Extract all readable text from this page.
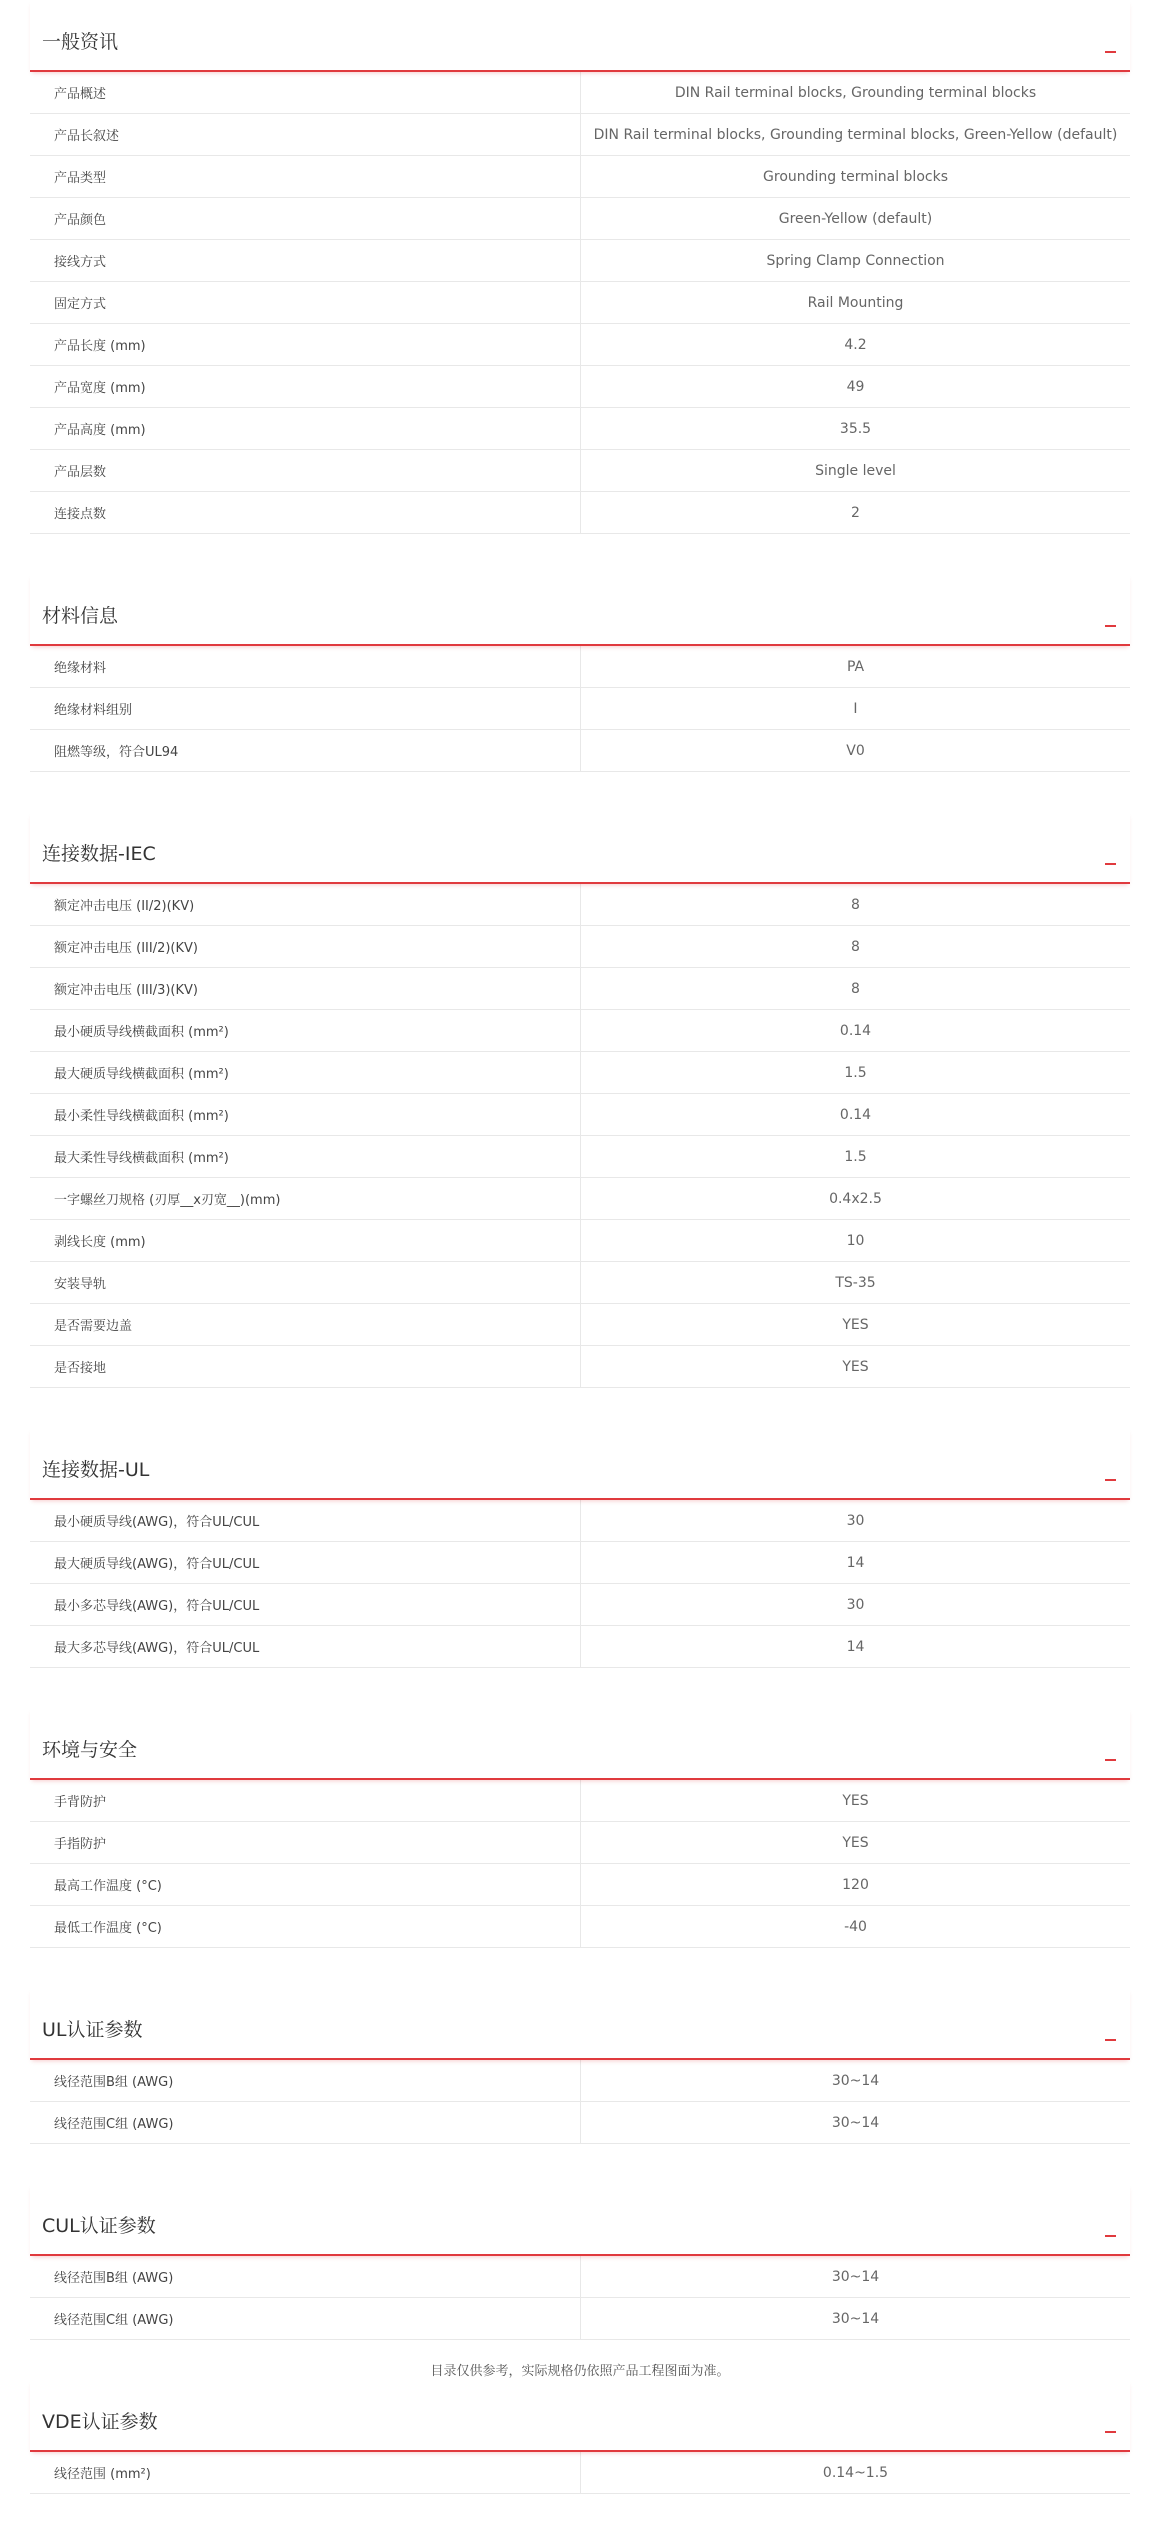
一般资讯
产品概述	DIN Rail terminal blocks, Grounding terminal blocks
产品长叙述	DIN Rail terminal blocks, Grounding terminal blocks, Green-Yellow (default)
产品类型	Grounding terminal blocks
产品颜色	Green-Yellow (default)
接线方式	Spring Clamp Connection
固定方式	Rail Mounting
产品长度 (mm)	4.2
产品宽度 (mm)	49
产品高度 (mm)	35.5
产品层数	Single level
连接点数	2
材料信息
绝缘材料	PA
绝缘材料组别	I
阻燃等级，符合UL94	V0
连接数据-IEC
额定冲击电压 (II/2)(KV)	8
额定冲击电压 (III/2)(KV)	8
额定冲击电压 (III/3)(KV)	8
最小硬质导线横截面积 (mm²)	0.14
最大硬质导线横截面积 (mm²)	1.5
最小柔性导线横截面积 (mm²)	0.14
最大柔性导线横截面积 (mm²)	1.5
一字螺丝刀规格 (刃厚__x刃宽__)(mm)	0.4x2.5
剥线长度 (mm)	10
安装导轨	TS-35
是否需要边盖	YES
是否接地	YES
连接数据-UL
最小硬质导线(AWG)，符合UL/CUL	30
最大硬质导线(AWG)，符合UL/CUL	14
最小多芯导线(AWG)，符合UL/CUL	30
最大多芯导线(AWG)，符合UL/CUL	14
环境与安全
手背防护	YES
手指防护	YES
最高工作温度 (°C)	120
最低工作温度 (°C)	-40
UL认证参数
线径范围B组 (AWG)	30~14
线径范围C组 (AWG)	30~14
CUL认证参数
线径范围B组 (AWG)	30~14
线径范围C组 (AWG)	30~14
VDE认证参数
线径范围 (mm²)	0.14~1.5
目录仅供参考，实际规格仍依照产品工程图面为准。
